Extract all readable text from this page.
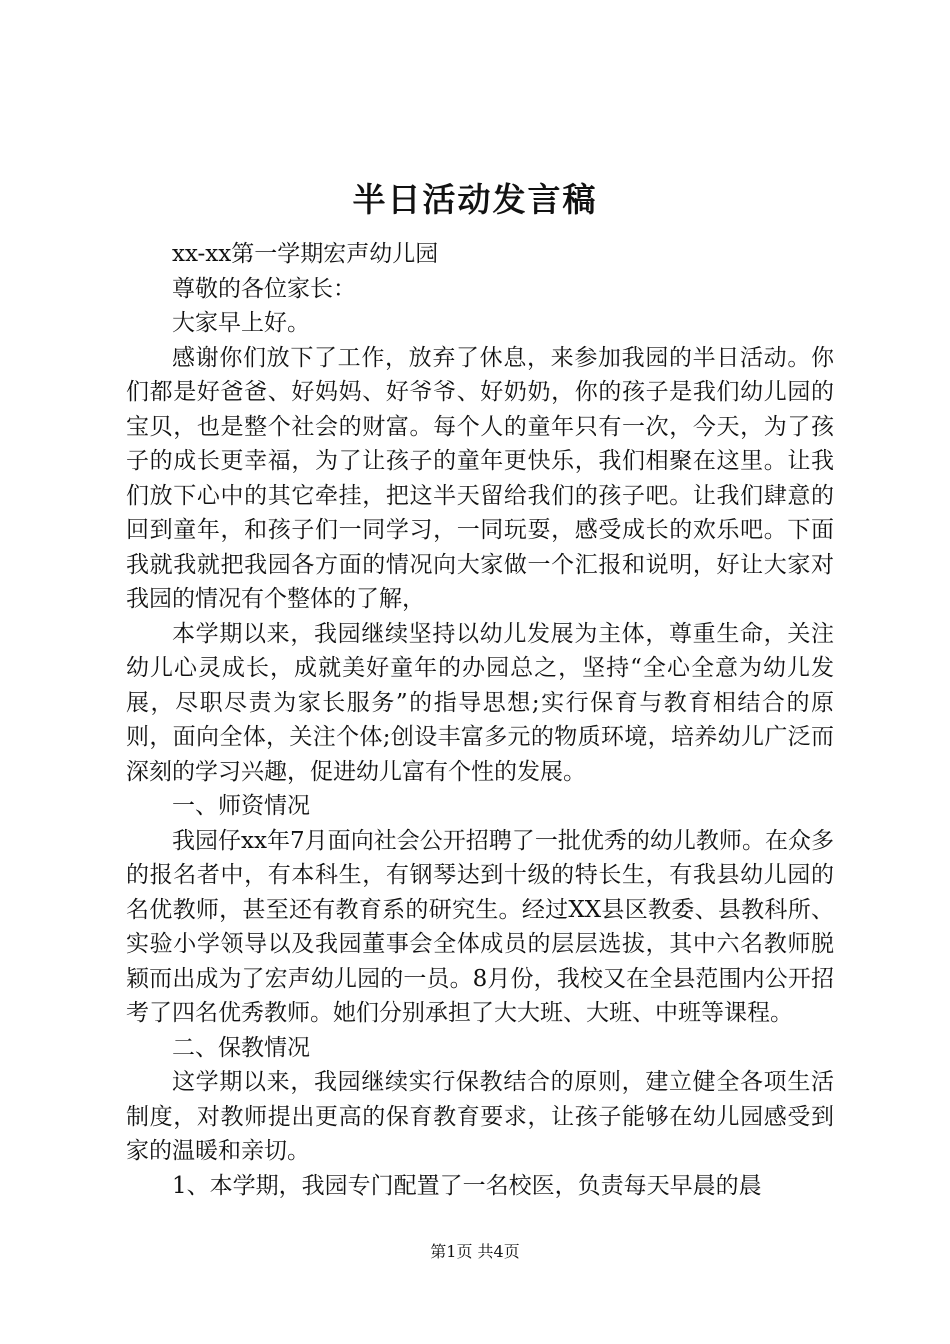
半日活动发言稿

xx-xx第一学期宏声幼儿园

尊敬的各位家长：

大家早上好。

感谢你们放下了工作，放弃了休息，来参加我园的半日活动。你们都是好爸爸、好妈妈、好爷爷、好奶奶，你的孩子是我们幼儿园的宝贝，也是整个社会的财富。每个人的童年只有一次，今天，为了孩子的成长更幸福，为了让孩子的童年更快乐，我们相聚在这里。让我们放下心中的其它牵挂，把这半天留给我们的孩子吧。让我们肆意的回到童年，和孩子们一同学习，一同玩耍，感受成长的欢乐吧。下面我就我就把我园各方面的情况向大家做一个汇报和说明，好让大家对我园的情况有个整体的了解，

本学期以来，我园继续坚持以幼儿发展为主体，尊重生命，关注幼儿心灵成长，成就美好童年的办园总之，坚持“全心全意为幼儿发展，尽职尽责为家长服务”的指导思想;实行保育与教育相结合的原则，面向全体，关注个体;创设丰富多元的物质环境，培养幼儿广泛而深刻的学习兴趣，促进幼儿富有个性的发展。

一、师资情况

我园仔xx年7月面向社会公开招聘了一批优秀的幼儿教师。在众多的报名者中，有本科生，有钢琴达到十级的特长生，有我县幼儿园的名优教师，甚至还有教育系的研究生。经过XX县区教委、县教科所、实验小学领导以及我园董事会全体成员的层层选拔，其中六名教师脱颖而出成为了宏声幼儿园的一员。8月份，我校又在全县范围内公开招考了四名优秀教师。她们分别承担了大大班、大班、中班等课程。

二、保教情况

这学期以来，我园继续实行保教结合的原则，建立健全各项生活制度，对教师提出更高的保育教育要求，让孩子能够在幼儿园感受到家的温暖和亲切。

1、本学期，我园专门配置了一名校医，负责每天早晨的晨

第1页 共4页
